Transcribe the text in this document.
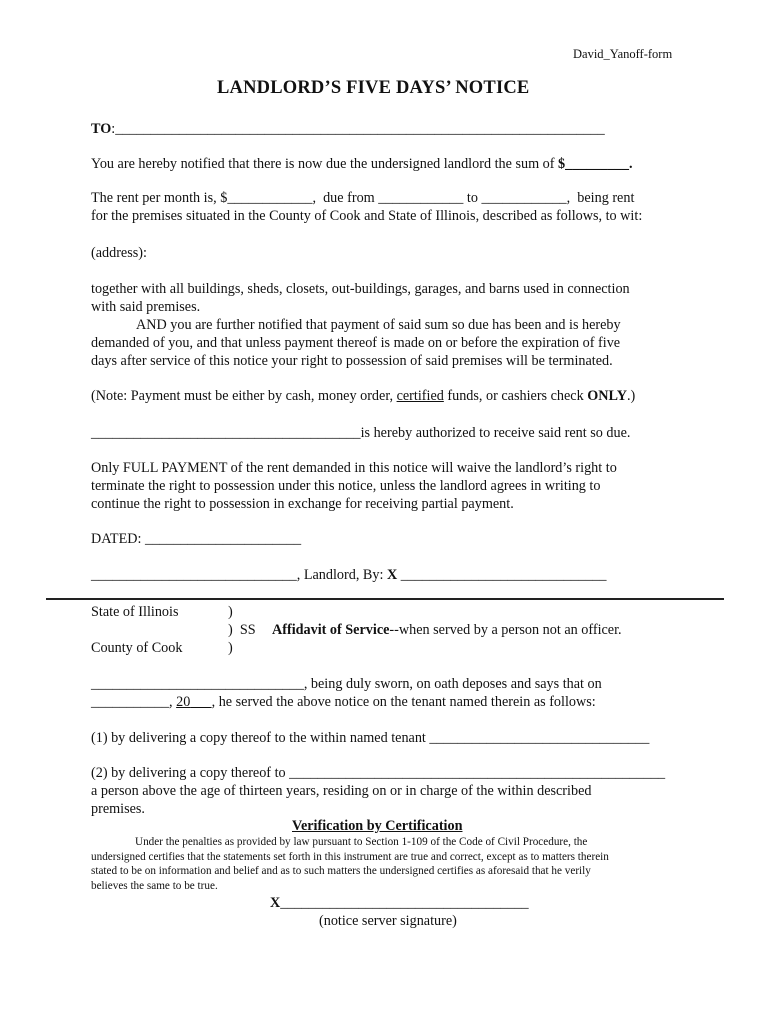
David_Yanoff-form
LANDLORD’S FIVE DAYS’ NOTICE
TO:_____________________________________________________________________
You are hereby notified that there is now due the undersigned landlord the sum of $_________.
The rent per month is, $____________,  due from ____________ to ____________,  being rent
for the premises situated in the County of Cook and State of Illinois, described as follows, to wit:
(address):
together with all buildings, sheds, closets, out-buildings, garages, and barns used in connection
with said premises.
AND you are further notified that payment of said sum so due has been and is hereby
demanded of you, and that unless payment thereof is made on or before the expiration of five
days after service of this notice your right to possession of said premises will be terminated.
(Note: Payment must be either by cash, money order, certified funds, or cashiers check ONLY.)
______________________________________is hereby authorized to receive said rent so due.
Only FULL PAYMENT of the rent demanded in this notice will waive the landlord’s right to
terminate the right to possession under this notice, unless the landlord agrees in writing to
continue the right to possession in exchange for receiving partial payment.
DATED: ______________________
_____________________________, Landlord, By: X _____________________________
State of Illinois	)
)  SS Affidavit of Service--when served by a person not an officer.
County of Cook	)
______________________________, being duly sworn, on oath deposes and says that on
___________, 20 , he served the above notice on the tenant named therein as follows:
(1) by delivering a copy thereof to the within named tenant _______________________________
(2) by delivering a copy thereof to _____________________________________________________
a person above the age of thirteen years, residing on or in charge of the within described
premises.
Verification by Certification
Under the penalties as provided by law pursuant to Section 1-109 of the Code of Civil Procedure, the
undersigned certifies that the statements set forth in this instrument are true and correct, except as to matters therein
stated to be on information and belief and as to such matters the undersigned certifies as aforesaid that he verily
believes the same to be true.
X___________________________________
(notice server signature)
